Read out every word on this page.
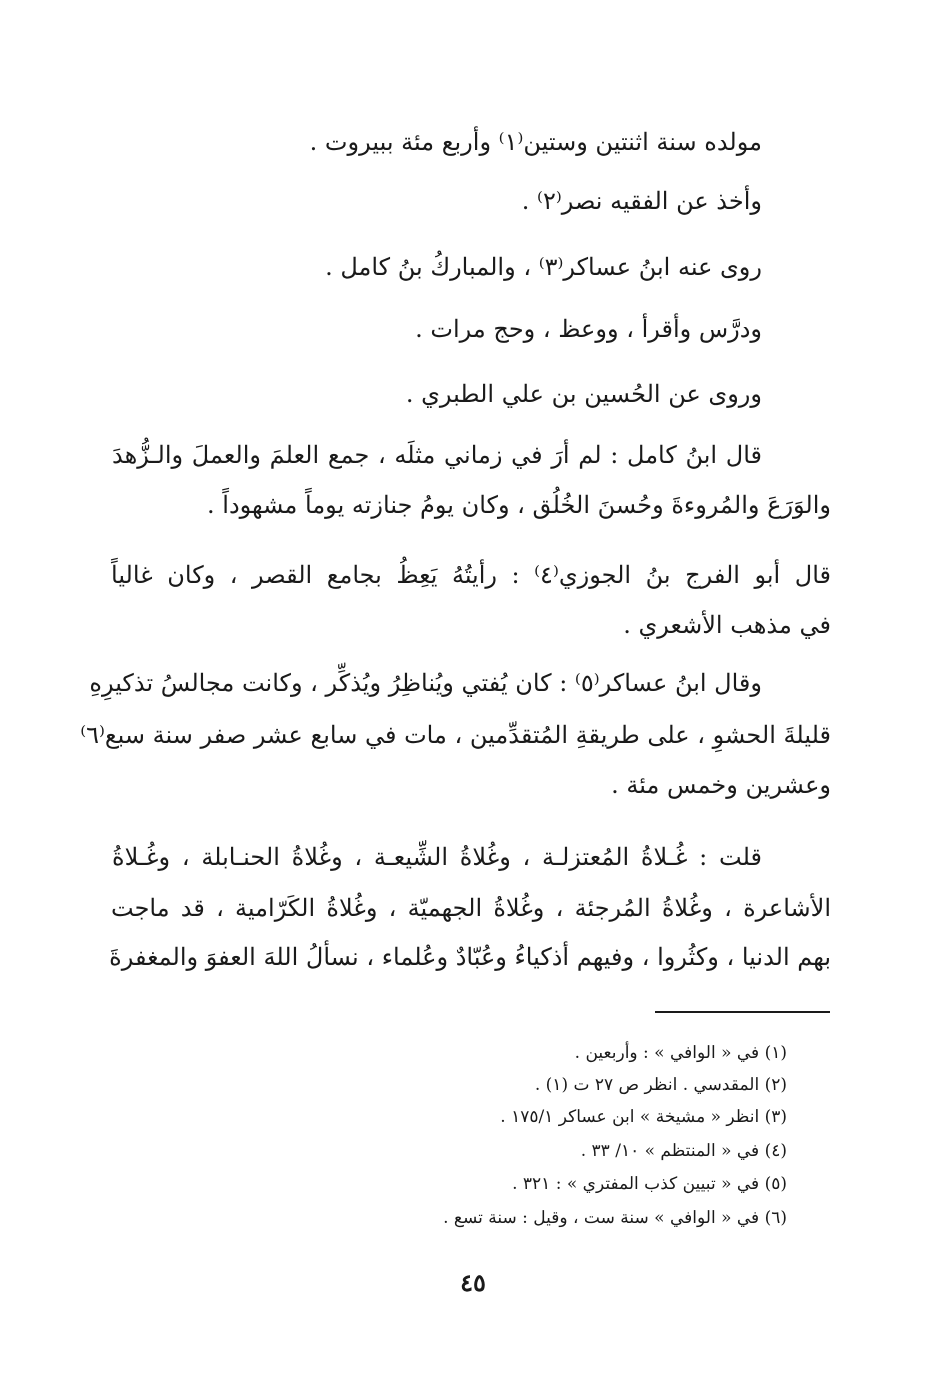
مولده سنة اثنتين وستين⁽١⁾ وأربع مئة ببيروت .
وأخذ عن الفقيه نصر⁽٢⁾ .
روى عنه ابنُ عساكر⁽٣⁾ ، والمباركُ بنُ كامل .
ودرَّس وأقرأ ، ووعظ ، وحج مرات .
وروى عن الحُسين بن علي الطبري .
قال ابنُ كامل : لم أرَ في زماني مثلَه ، جمع العلمَ والعملَ والـزُّهدَ
والوَرَعَ والمُروءةَ وحُسنَ الخُلُق ، وكان يومُ جنازته يوماً مشهوداً .
قال أبو الفرج بنُ الجوزي⁽٤⁾ : رأيتُهُ يَعِظُ بجامع القصر ، وكان غالياً
في مذهب الأشعري .
وقال ابنُ عساكر⁽٥⁾ : كان يُفتي ويُناظِرُ ويُذكِّر ، وكانت مجالسُ تذكيرِهِ
قليلةَ الحشوِ ، على طريقةِ المُتقدِّمين ، مات في سابع عشر صفر سنة سبع⁽٦⁾
وعشرين وخمس مئة .
قلت : غُـلاةُ المُعتزلـة ، وغُلاةُ الشِّيعـة ، وغُلاةُ الحنـابلة ، وغُـلاةُ
الأشاعرة ، وغُلاةُ المُرجئة ، وغُلاةُ الجهميّة ، وغُلاةُ الكَرّامية ، قد ماجت
بهم الدنيا ، وكثُروا ، وفيهم أذكياءُ وعُبّادٌ وعُلماء ، نسألُ اللهَ العفوَ والمغفرةَ
(١) في « الوافي » : وأربعين .
(٢) المقدسي . انظر ص ٢٧ ت (١) .
(٣) انظر « مشيخة » ابن عساكر ١٧٥/١ .
(٤) في « المنتظم » ١٠/ ٣٣ .
(٥) في « تبيين كذب المفتري » : ٣٢١ .
(٦) في « الوافي » سنة ست ، وقيل : سنة تسع .
٤٥
